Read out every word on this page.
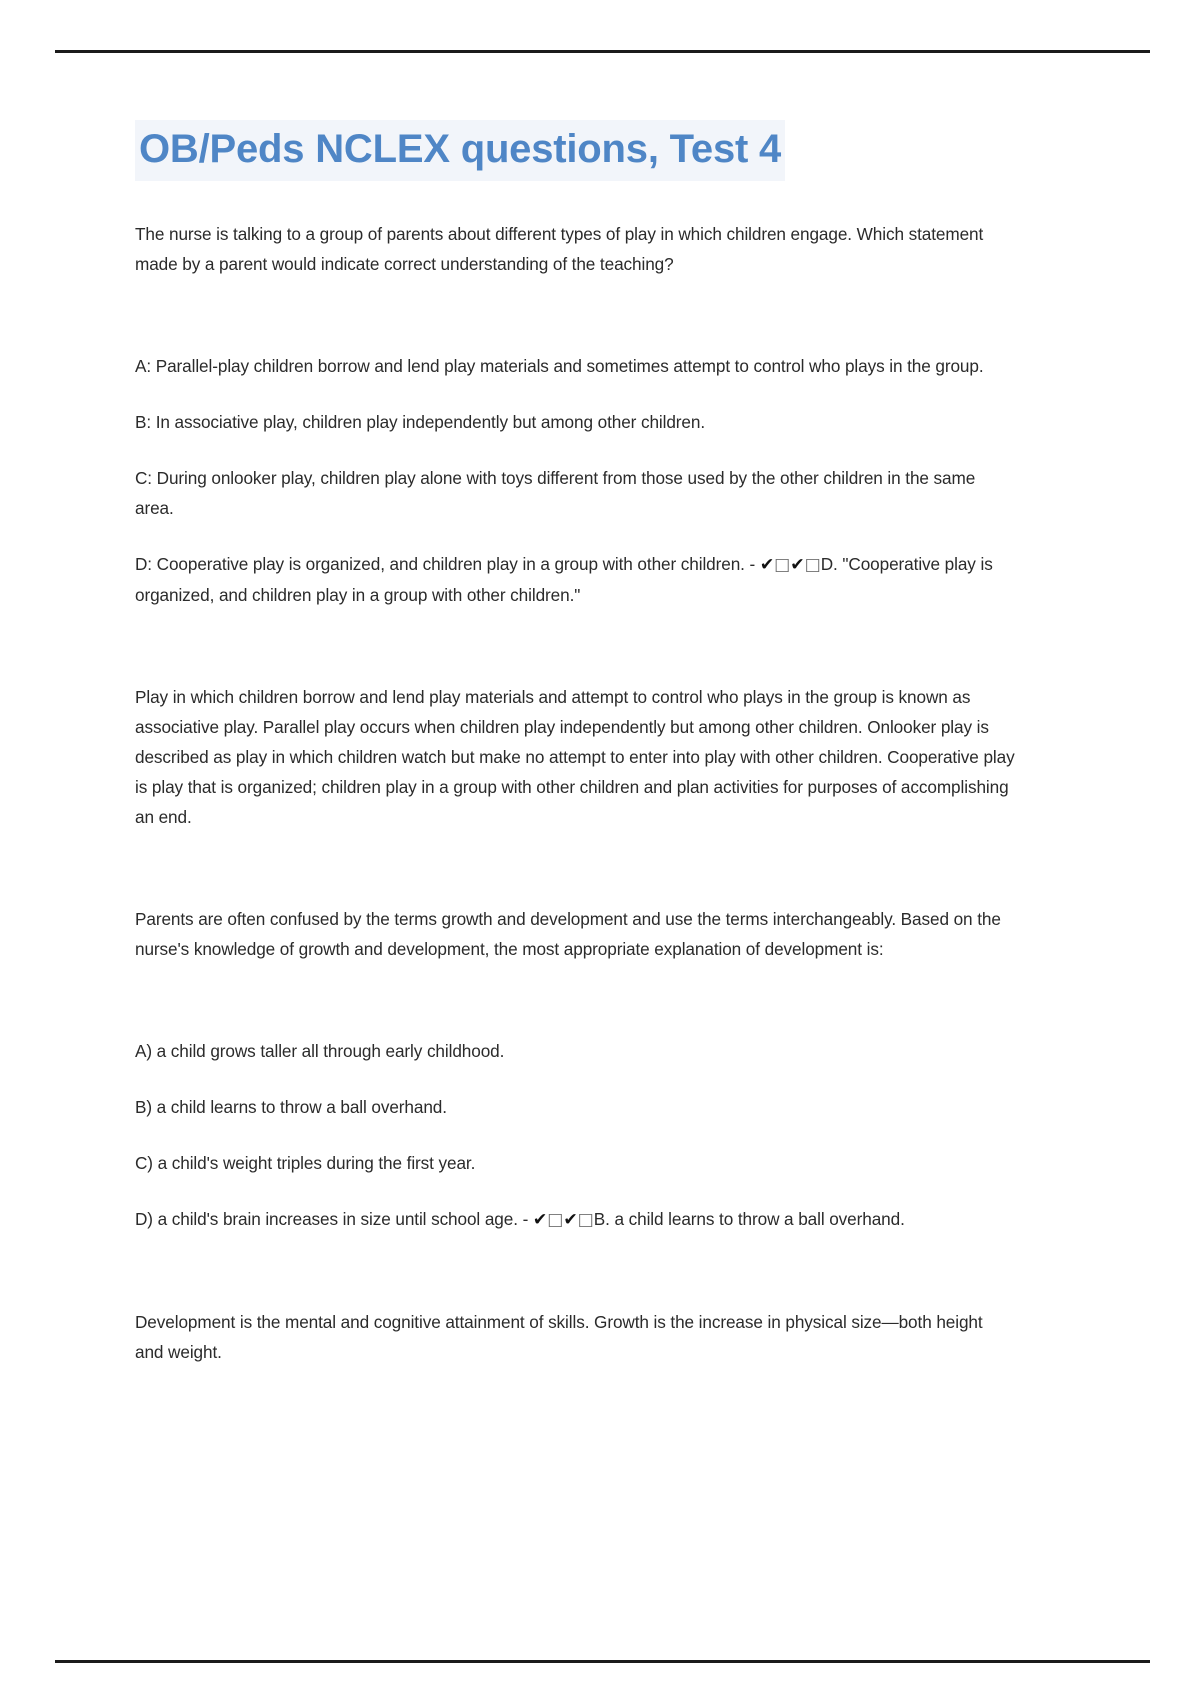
OB/Peds NCLEX questions, Test 4

The nurse is talking to a group of parents about different types of play in which children engage. Which statement made by a parent would indicate correct understanding of the teaching?

A: Parallel-play children borrow and lend play materials and sometimes attempt to control who plays in the group.

B: In associative play, children play independently but among other children.

C: During onlooker play, children play alone with toys different from those used by the other children in the same area.

D: Cooperative play is organized, and children play in a group with other children. - ✔□✔□D. "Cooperative play is organized, and children play in a group with other children."

Play in which children borrow and lend play materials and attempt to control who plays in the group is known as associative play. Parallel play occurs when children play independently but among other children. Onlooker play is described as play in which children watch but make no attempt to enter into play with other children. Cooperative play is play that is organized; children play in a group with other children and plan activities for purposes of accomplishing an end.

Parents are often confused by the terms growth and development and use the terms interchangeably. Based on the nurse's knowledge of growth and development, the most appropriate explanation of development is:

A) a child grows taller all through early childhood.

B) a child learns to throw a ball overhand.

C) a child's weight triples during the first year.

D) a child's brain increases in size until school age. - ✔□✔□B. a child learns to throw a ball overhand.

Development is the mental and cognitive attainment of skills. Growth is the increase in physical size—both height and weight.
